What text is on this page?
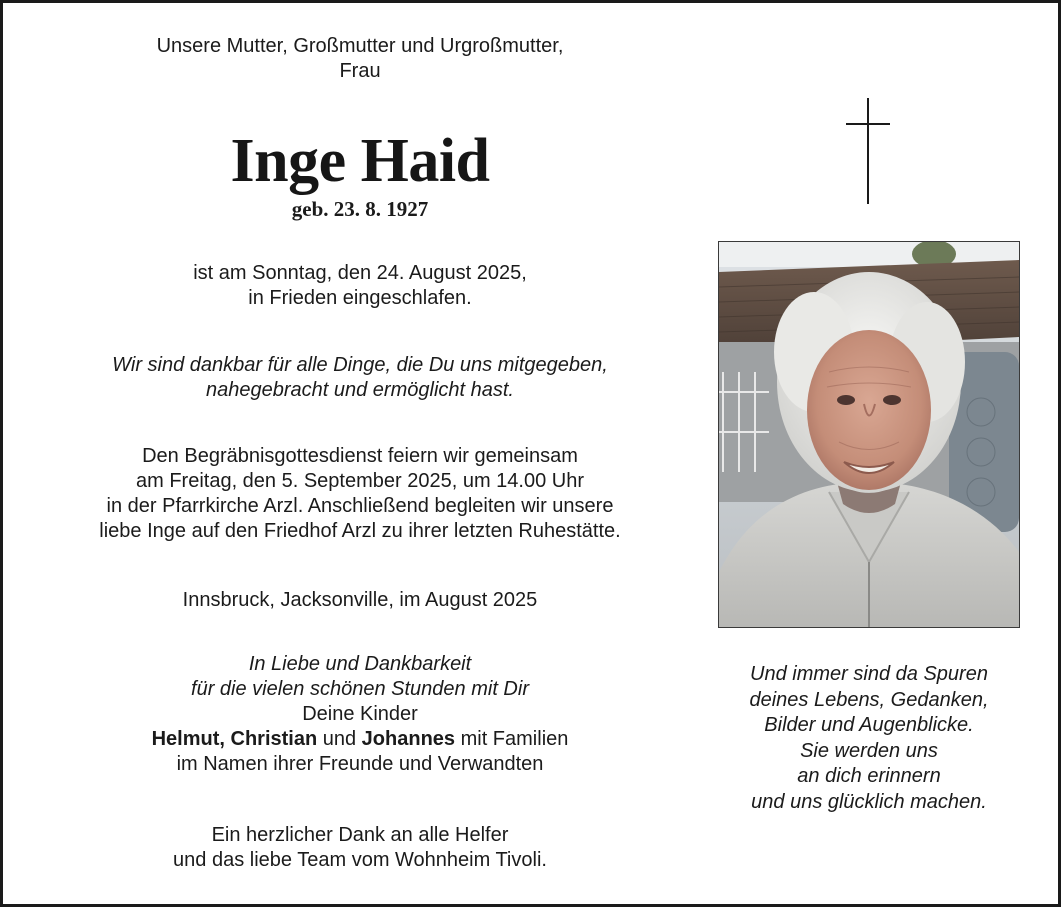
Unsere Mutter, Großmutter und Urgroßmutter,
Frau
Inge Haid
geb. 23. 8. 1927
ist am Sonntag, den 24. August 2025,
in Frieden eingeschlafen.
Wir sind dankbar für alle Dinge, die Du uns mitgegeben,
nahegebracht und ermöglicht hast.
Den Begräbnisgottesdienst feiern wir gemeinsam
am Freitag, den 5. September 2025, um 14.00 Uhr
in der Pfarrkirche Arzl. Anschließend begleiten wir unsere
liebe Inge auf den Friedhof Arzl zu ihrer letzten Ruhestätte.
Innsbruck, Jacksonville, im August 2025
In Liebe und Dankbarkeit
für die vielen schönen Stunden mit Dir
Deine Kinder
Helmut, Christian und Johannes mit Familien
im Namen ihrer Freunde und Verwandten
Ein herzlicher Dank an alle Helfer
und das liebe Team vom Wohnheim Tivoli.
Und immer sind da Spuren
deines Lebens, Gedanken,
Bilder und Augenblicke.
Sie werden uns
an dich erinnern
und uns glücklich machen.
